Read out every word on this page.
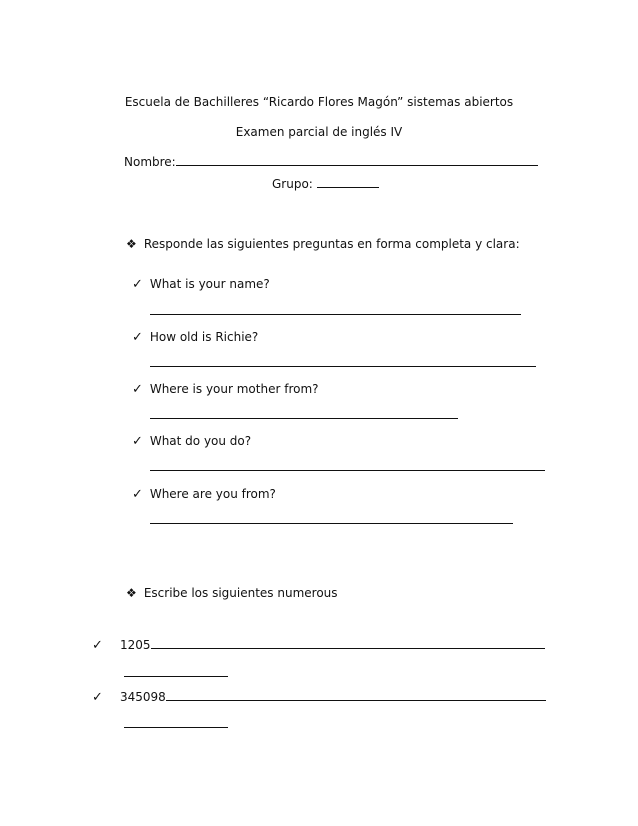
Escuela de Bachilleres “Ricardo Flores Magón” sistemas abiertos
Examen parcial de inglés IV
Nombre:
Grupo:
❖ Responde las siguientes preguntas en forma completa y clara:
✓ What is your name?
✓ How old is Richie?
✓ Where is your mother from?
✓ What do you do?
✓ Where are you from?
❖ Escribe los siguientes numerous
✓ 1205
✓ 345098
